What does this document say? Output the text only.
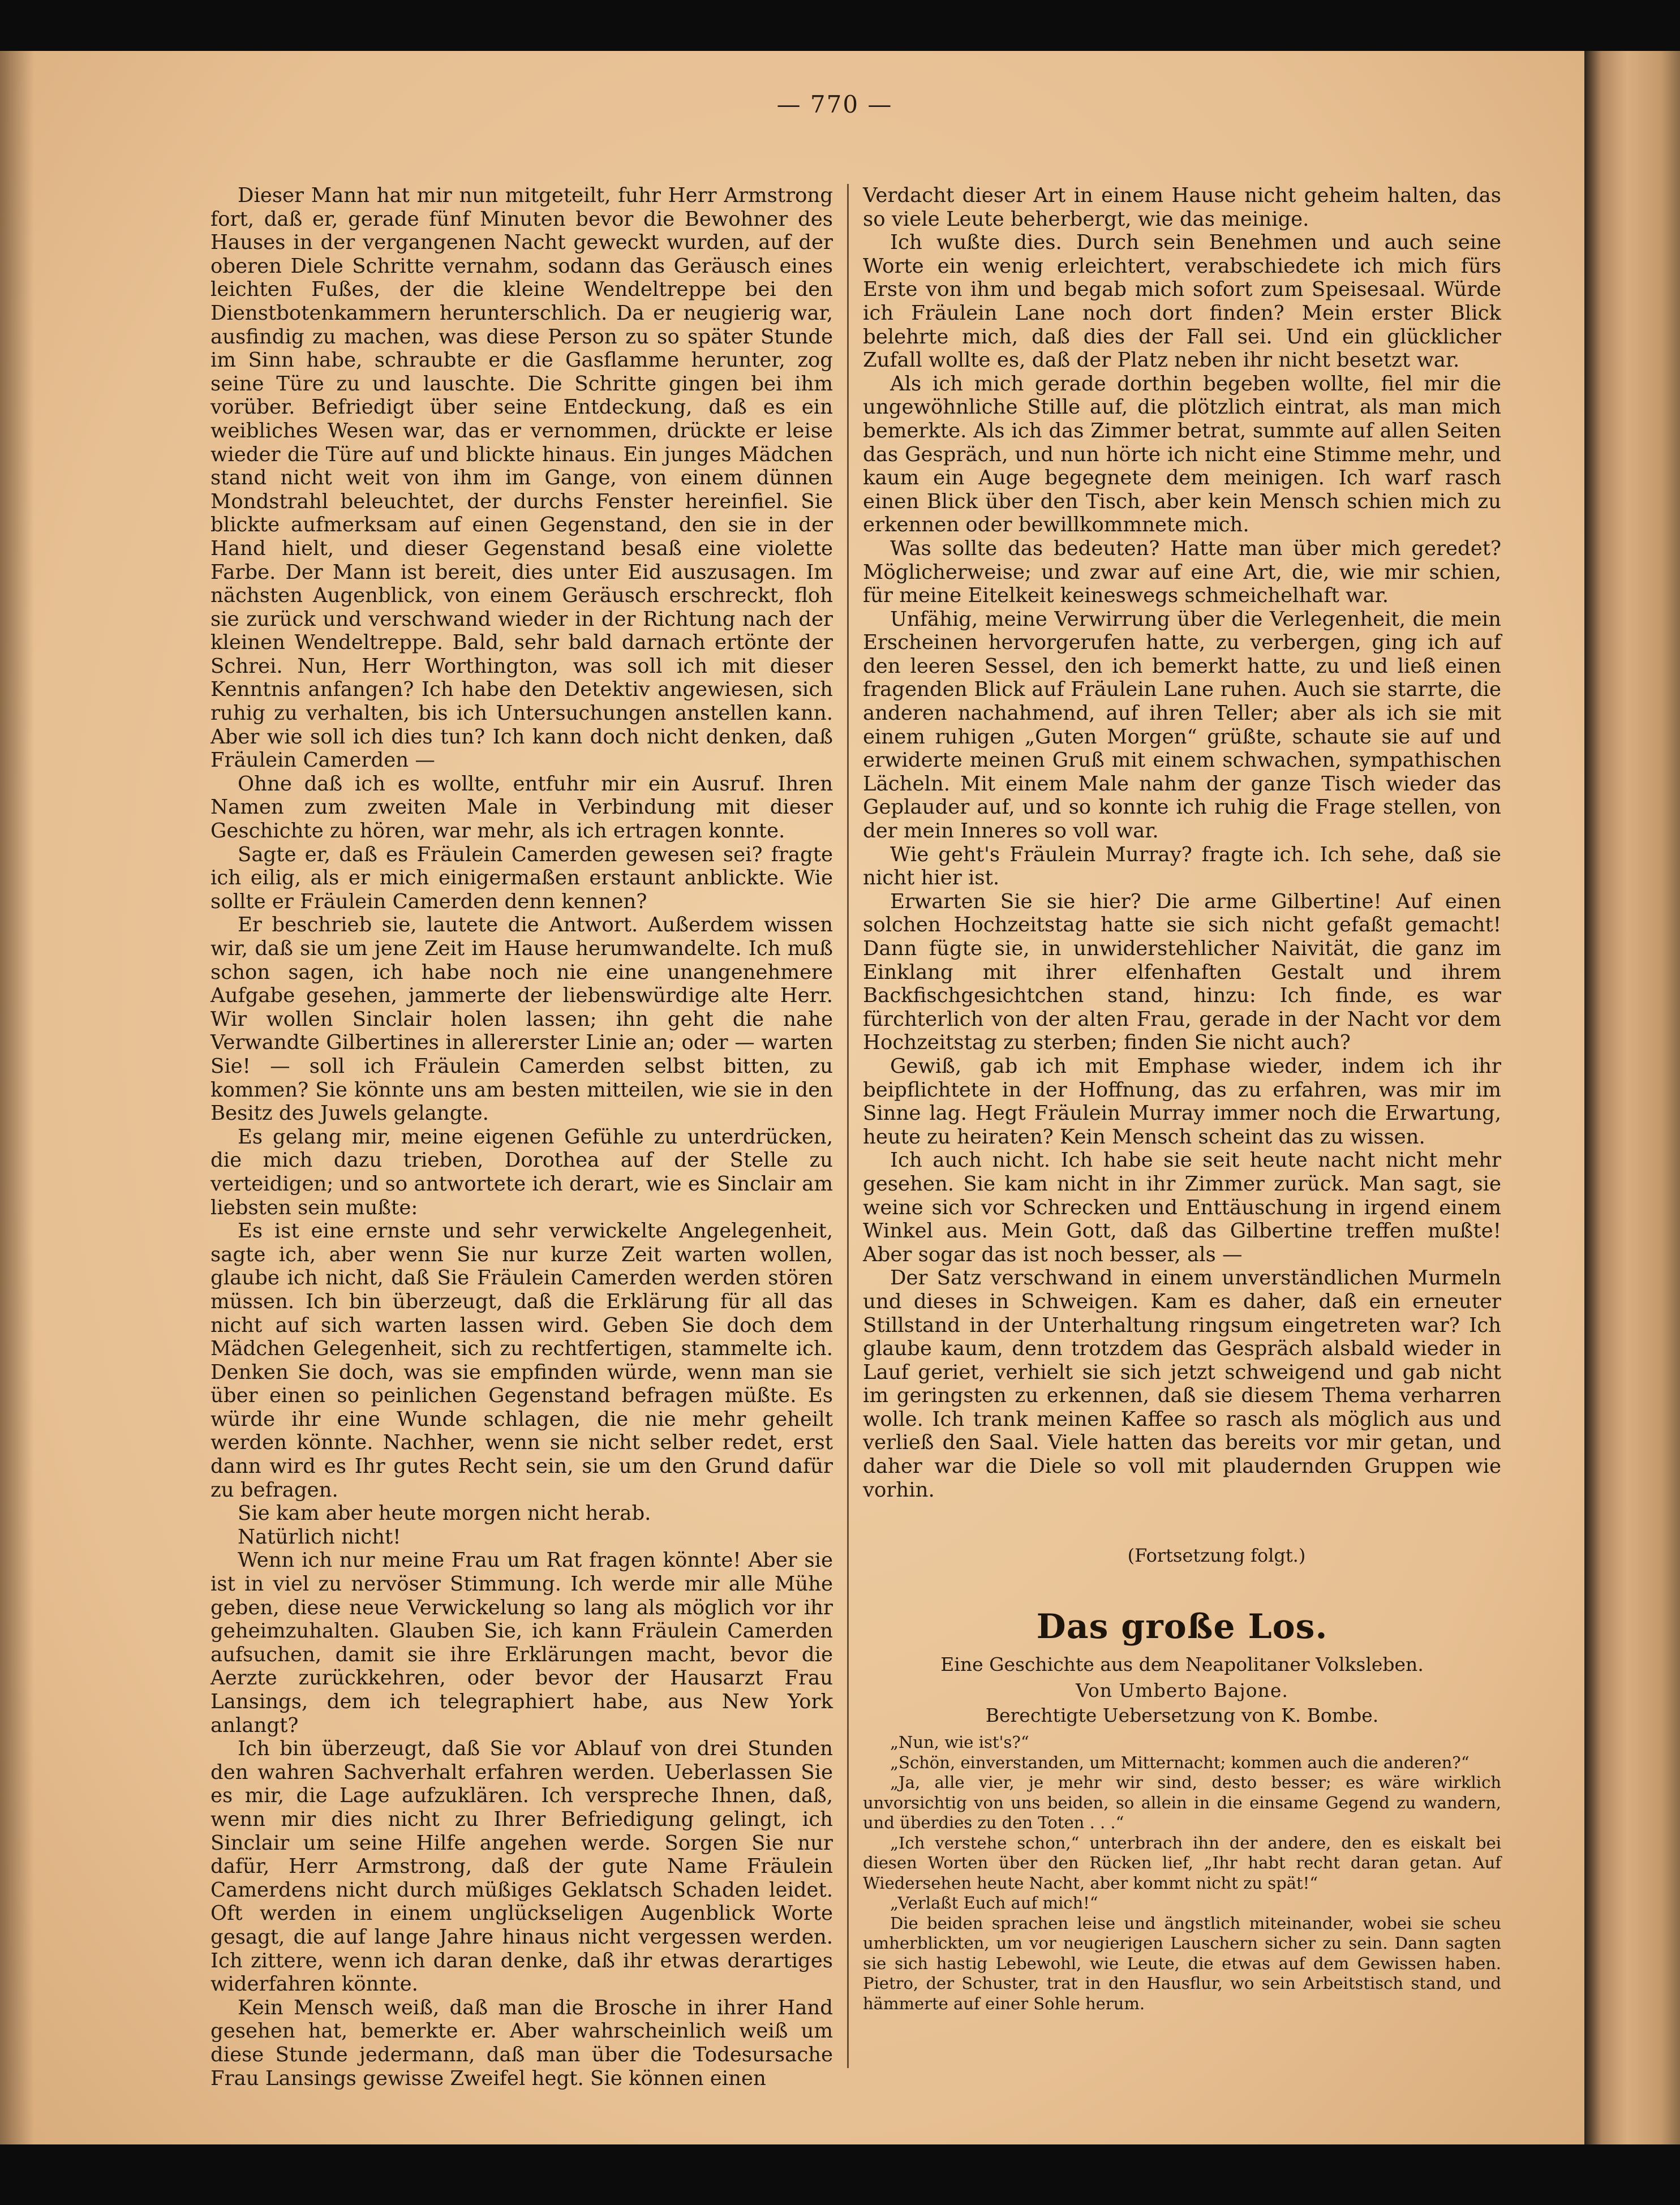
— 770 —

Dieser Mann hat mir nun mitgeteilt, fuhr Herr Armstrong fort, daß er, gerade fünf Minuten bevor die Bewohner des Hauses in der vergangenen Nacht geweckt wurden, auf der oberen Diele Schritte vernahm, sodann das Geräusch eines leichten Fußes, der die kleine Wendeltreppe bei den Dienstbotenkammern herunterschlich. Da er neugierig war, ausfindig zu machen, was diese Person zu so später Stunde im Sinn habe, schraubte er die Gasflamme herunter, zog seine Türe zu und lauschte. Die Schritte gingen bei ihm vorüber. Befriedigt über seine Entdeckung, daß es ein weibliches Wesen war, das er vernommen, drückte er leise wieder die Türe auf und blickte hinaus. Ein junges Mädchen stand nicht weit von ihm im Gange, von einem dünnen Mondstrahl beleuchtet, der durchs Fenster hereinfiel. Sie blickte aufmerksam auf einen Gegenstand, den sie in der Hand hielt, und dieser Gegenstand besaß eine violette Farbe. Der Mann ist bereit, dies unter Eid auszusagen. Im nächsten Augenblick, von einem Geräusch erschreckt, floh sie zurück und verschwand wieder in der Richtung nach der kleinen Wendeltreppe. Bald, sehr bald darnach ertönte der Schrei. Nun, Herr Worthington, was soll ich mit dieser Kenntnis anfangen? Ich habe den Detektiv angewiesen, sich ruhig zu verhalten, bis ich Untersuchungen anstellen kann. Aber wie soll ich dies tun? Ich kann doch nicht denken, daß Fräulein Camerden —

Ohne daß ich es wollte, entfuhr mir ein Ausruf. Ihren Namen zum zweiten Male in Verbindung mit dieser Geschichte zu hören, war mehr, als ich ertragen konnte.

Sagte er, daß es Fräulein Camerden gewesen sei? fragte ich eilig, als er mich einigermaßen erstaunt anblickte. Wie sollte er Fräulein Camerden denn kennen?

Er beschrieb sie, lautete die Antwort. Außerdem wissen wir, daß sie um jene Zeit im Hause herumwandelte. Ich muß schon sagen, ich habe noch nie eine unangenehmere Aufgabe gesehen, jammerte der liebenswürdige alte Herr. Wir wollen Sinclair holen lassen; ihn geht die nahe Verwandte Gilbertines in allererster Linie an; oder — warten Sie! — soll ich Fräulein Camerden selbst bitten, zu kommen? Sie könnte uns am besten mitteilen, wie sie in den Besitz des Juwels gelangte.

Es gelang mir, meine eigenen Gefühle zu unterdrücken, die mich dazu trieben, Dorothea auf der Stelle zu verteidigen; und so antwortete ich derart, wie es Sinclair am liebsten sein mußte:

Es ist eine ernste und sehr verwickelte Angelegenheit, sagte ich, aber wenn Sie nur kurze Zeit warten wollen, glaube ich nicht, daß Sie Fräulein Camerden werden stören müssen. Ich bin überzeugt, daß die Erklärung für all das nicht auf sich warten lassen wird. Geben Sie doch dem Mädchen Gelegenheit, sich zu rechtfertigen, stammelte ich. Denken Sie doch, was sie empfinden würde, wenn man sie über einen so peinlichen Gegenstand befragen müßte. Es würde ihr eine Wunde schlagen, die nie mehr geheilt werden könnte. Nachher, wenn sie nicht selber redet, erst dann wird es Ihr gutes Recht sein, sie um den Grund dafür zu befragen.

Sie kam aber heute morgen nicht herab.

Natürlich nicht!

Wenn ich nur meine Frau um Rat fragen könnte! Aber sie ist in viel zu nervöser Stimmung. Ich werde mir alle Mühe geben, diese neue Verwickelung so lang als möglich vor ihr geheimzuhalten. Glauben Sie, ich kann Fräulein Camerden aufsuchen, damit sie ihre Erklärungen macht, bevor die Aerzte zurückkehren, oder bevor der Hausarzt Frau Lansings, dem ich telegraphiert habe, aus New York anlangt?

Ich bin überzeugt, daß Sie vor Ablauf von drei Stunden den wahren Sachverhalt erfahren werden. Ueberlassen Sie es mir, die Lage aufzuklären. Ich verspreche Ihnen, daß, wenn mir dies nicht zu Ihrer Befriedigung gelingt, ich Sinclair um seine Hilfe angehen werde. Sorgen Sie nur dafür, Herr Armstrong, daß der gute Name Fräulein Camerdens nicht durch müßiges Geklatsch Schaden leidet. Oft werden in einem unglückseligen Augenblick Worte gesagt, die auf lange Jahre hinaus nicht vergessen werden. Ich zittere, wenn ich daran denke, daß ihr etwas derartiges widerfahren könnte.

Kein Mensch weiß, daß man die Brosche in ihrer Hand gesehen hat, bemerkte er. Aber wahrscheinlich weiß um diese Stunde jedermann, daß man über die Todesursache Frau Lansings gewisse Zweifel hegt. Sie können einen

Verdacht dieser Art in einem Hause nicht geheim halten, das so viele Leute beherbergt, wie das meinige.

Ich wußte dies. Durch sein Benehmen und auch seine Worte ein wenig erleichtert, verabschiedete ich mich fürs Erste von ihm und begab mich sofort zum Speisesaal. Würde ich Fräulein Lane noch dort finden? Mein erster Blick belehrte mich, daß dies der Fall sei. Und ein glücklicher Zufall wollte es, daß der Platz neben ihr nicht besetzt war.

Als ich mich gerade dorthin begeben wollte, fiel mir die ungewöhnliche Stille auf, die plötzlich eintrat, als man mich bemerkte. Als ich das Zimmer betrat, summte auf allen Seiten das Gespräch, und nun hörte ich nicht eine Stimme mehr, und kaum ein Auge begegnete dem meinigen. Ich warf rasch einen Blick über den Tisch, aber kein Mensch schien mich zu erkennen oder bewillkommnete mich.

Was sollte das bedeuten? Hatte man über mich geredet? Möglicherweise; und zwar auf eine Art, die, wie mir schien, für meine Eitelkeit keineswegs schmeichelhaft war.

Unfähig, meine Verwirrung über die Verlegenheit, die mein Erscheinen hervorgerufen hatte, zu verbergen, ging ich auf den leeren Sessel, den ich bemerkt hatte, zu und ließ einen fragenden Blick auf Fräulein Lane ruhen. Auch sie starrte, die anderen nachahmend, auf ihren Teller; aber als ich sie mit einem ruhigen „Guten Morgen“ grüßte, schaute sie auf und erwiderte meinen Gruß mit einem schwachen, sympathischen Lächeln. Mit einem Male nahm der ganze Tisch wieder das Geplauder auf, und so konnte ich ruhig die Frage stellen, von der mein Inneres so voll war.

Wie geht's Fräulein Murray? fragte ich. Ich sehe, daß sie nicht hier ist.

Erwarten Sie sie hier? Die arme Gilbertine! Auf einen solchen Hochzeitstag hatte sie sich nicht gefaßt gemacht! Dann fügte sie, in unwiderstehlicher Naivität, die ganz im Einklang mit ihrer elfenhaften Gestalt und ihrem Backfischgesichtchen stand, hinzu: Ich finde, es war fürchterlich von der alten Frau, gerade in der Nacht vor dem Hochzeitstag zu sterben; finden Sie nicht auch?

Gewiß, gab ich mit Emphase wieder, indem ich ihr beipflichtete in der Hoffnung, das zu erfahren, was mir im Sinne lag. Hegt Fräulein Murray immer noch die Erwartung, heute zu heiraten? Kein Mensch scheint das zu wissen.

Ich auch nicht. Ich habe sie seit heute nacht nicht mehr gesehen. Sie kam nicht in ihr Zimmer zurück. Man sagt, sie weine sich vor Schrecken und Enttäuschung in irgend einem Winkel aus. Mein Gott, daß das Gilbertine treffen mußte! Aber sogar das ist noch besser, als —

Der Satz verschwand in einem unverständlichen Murmeln und dieses in Schweigen. Kam es daher, daß ein erneuter Stillstand in der Unterhaltung ringsum eingetreten war? Ich glaube kaum, denn trotzdem das Gespräch alsbald wieder in Lauf geriet, verhielt sie sich jetzt schweigend und gab nicht im geringsten zu erkennen, daß sie diesem Thema verharren wolle. Ich trank meinen Kaffee so rasch als möglich aus und verließ den Saal. Viele hatten das bereits vor mir getan, und daher war die Diele so voll mit plaudernden Gruppen wie vorhin.

(Fortsetzung folgt.)
Das große Los.
Eine Geschichte aus dem Neapolitaner Volksleben.
Von Umberto Bajone.
Berechtigte Uebersetzung von K. Bombe.

„Nun, wie ist's?“

„Schön, einverstanden, um Mitternacht; kommen auch die anderen?“

„Ja, alle vier, je mehr wir sind, desto besser; es wäre wirklich unvorsichtig von uns beiden, so allein in die einsame Gegend zu wandern, und überdies zu den Toten . . .“

„Ich verstehe schon,“ unterbrach ihn der andere, den es eiskalt bei diesen Worten über den Rücken lief, „Ihr habt recht daran getan. Auf Wiedersehen heute Nacht, aber kommt nicht zu spät!“

„Verlaßt Euch auf mich!“

Die beiden sprachen leise und ängstlich miteinander, wobei sie scheu umherblickten, um vor neugierigen Lauschern sicher zu sein. Dann sagten sie sich hastig Lebewohl, wie Leute, die etwas auf dem Gewissen haben. Pietro, der Schuster, trat in den Hausflur, wo sein Arbeitstisch stand, und hämmerte auf einer Sohle herum.
